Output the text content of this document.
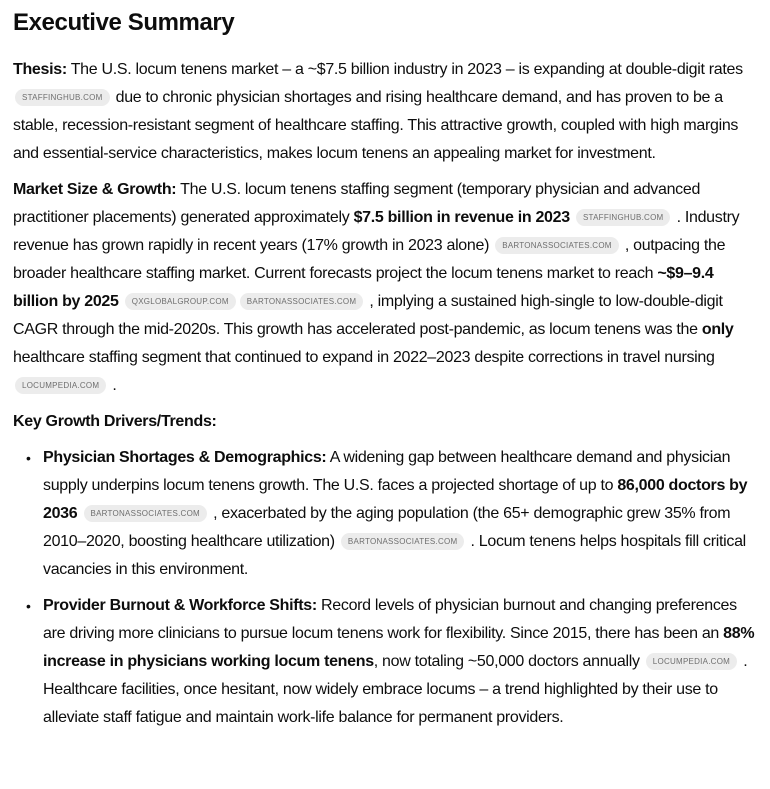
Executive Summary

Thesis: The U.S. locum tenens market – a ~$7.5 billion industry in 2023 – is expanding at double-digit rates STAFFINGHUB.COM due to chronic physician shortages and rising healthcare demand, and has proven to be a stable, recession-resistant segment of healthcare staffing. This attractive growth, coupled with high margins and essential-service characteristics, makes locum tenens an appealing market for investment.

Market Size & Growth: The U.S. locum tenens staffing segment (temporary physician and advanced practitioner placements) generated approximately $7.5 billion in revenue in 2023 STAFFINGHUB.COM . Industry revenue has grown rapidly in recent years (17% growth in 2023 alone) BARTONASSOCIATES.COM , outpacing the broader healthcare staffing market. Current forecasts project the locum tenens market to reach ~$9–9.4 billion by 2025 QXGLOBALGROUP.COM BARTONASSOCIATES.COM , implying a sustained high-single to low-double-digit CAGR through the mid-2020s. This growth has accelerated post-pandemic, as locum tenens was the only healthcare staffing segment that continued to expand in 2022–2023 despite corrections in travel nursing LOCUMPEDIA.COM .

Key Growth Drivers/Trends:

• Physician Shortages & Demographics: A widening gap between healthcare demand and physician supply underpins locum tenens growth. The U.S. faces a projected shortage of up to 86,000 doctors by 2036 BARTONASSOCIATES.COM , exacerbated by the aging population (the 65+ demographic grew 35% from 2010–2020, boosting healthcare utilization) BARTONASSOCIATES.COM . Locum tenens helps hospitals fill critical vacancies in this environment.
• Provider Burnout & Workforce Shifts: Record levels of physician burnout and changing preferences are driving more clinicians to pursue locum tenens work for flexibility. Since 2015, there has been an 88% increase in physicians working locum tenens, now totaling ~50,000 doctors annually LOCUMPEDIA.COM . Healthcare facilities, once hesitant, now widely embrace locums – a trend highlighted by their use to alleviate staff fatigue and maintain work-life balance for permanent providers.
